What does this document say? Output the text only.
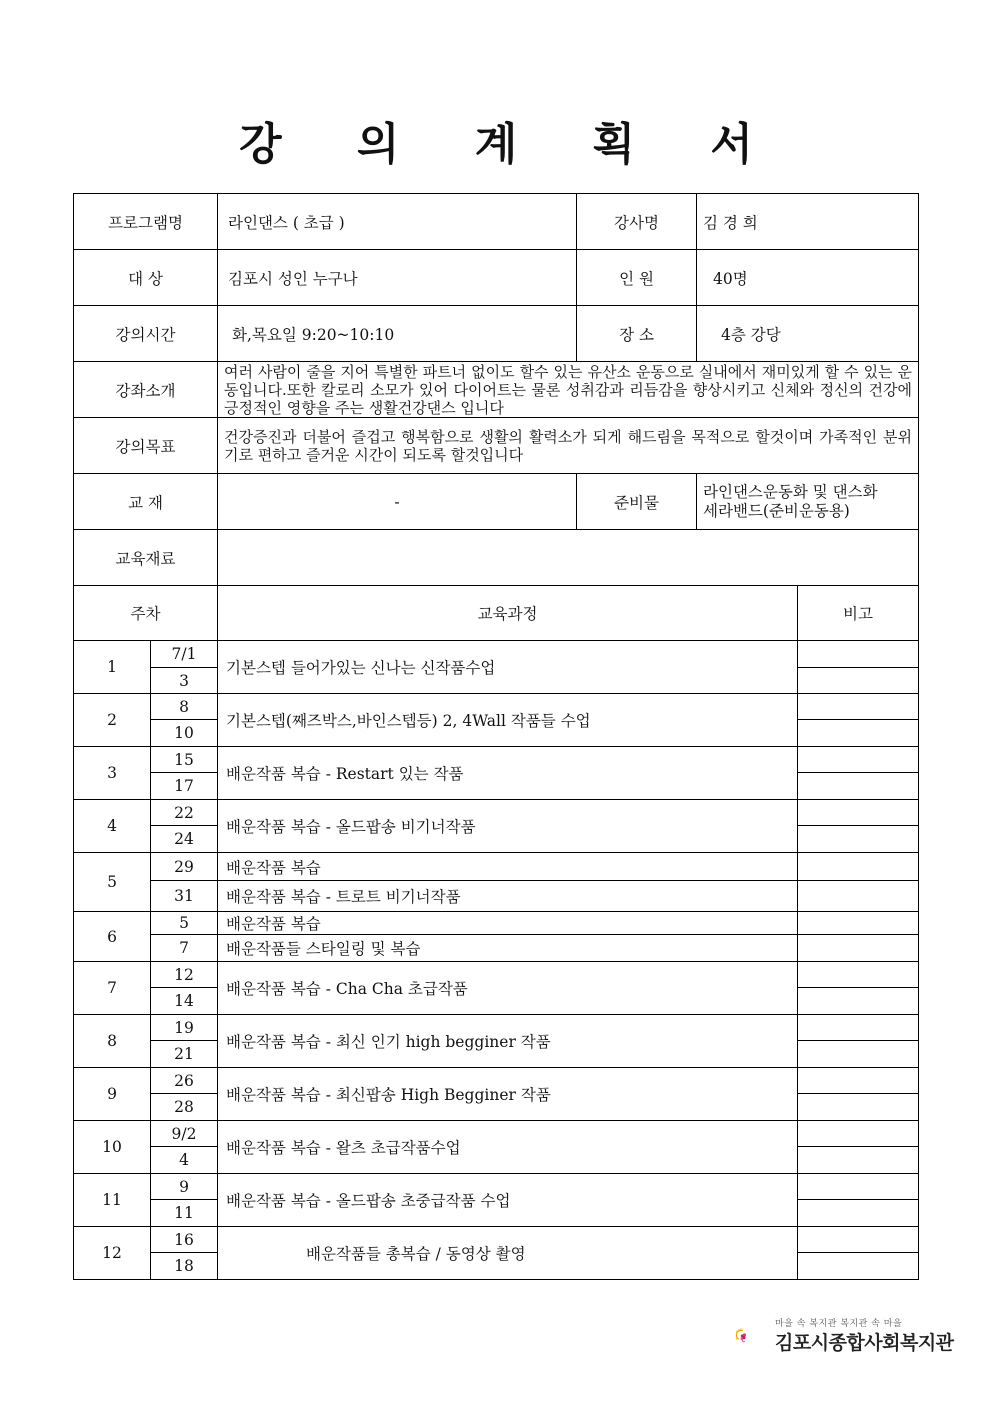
강 의 계 획 서
프로그램명	라인댄스 ( 초급 )	강사명	김 경 희
대 상	김포시 성인 누구나	인 원	40명
강의시간	화,목요일 9:20~10:10	장 소	4층 강당
강좌소개	여러 사람이 줄을 지어 특별한 파트너 없이도 할수 있는 유산소 운동으로 실내에서 재미있게 할 수 있는 운동입니다.또한 칼로리 소모가 있어 다이어트는 물론 성취감과 리듬감을 향상시키고 신체와 정신의 건강에 긍정적인 영향을 주는 생활건강댄스 입니다		
강의목표	건강증진과 더불어 즐겁고 행복함으로 생활의 활력소가 되게 해드림을 목적으로 할것이며 가족적인 분위기로 편하고 즐거운 시간이 되도록 할것입니다		
교 재	-	준비물	라인댄스운동화 및 댄스화
세라밴드(준비운동용)

교육재료			
주차		교육과정	비고
1	7/1	기본스텝 들어가있는 신나는 신작품수업	
	3		
2	8	기본스텝(째즈박스,바인스텝등) 2, 4Wall 작품들 수업	
	10		
3	15	배운작품 복습 - Restart 있는 작품	
	17		
4	22	배운작품 복습 - 올드팝송 비기너작품	
	24		
5	29	배운작품 복습	
	31	배운작품 복습 - 트로트 비기너작품	
6	5	배운작품 복습	
	7	배운작품들 스타일링 및 복습	
7	12	배운작품 복습 - Cha Cha 초급작품	
	14		
8	19	배운작품 복습 - 최신 인기 high begginer 작품	
	21		
9	26	배운작품 복습 - 최신팝송 High Begginer 작품	
	28		
10	9/2	배운작품 복습 - 왈츠 초급작품수업	
	4		
11	9	배운작품 복습 - 올드팝송 초중급작품 수업	
	11		
12	16	배운작품들 총복습 / 동영상 촬영	
	18		
마을 속 복지관 복지관 속 마을
김포시종합사회복지관
